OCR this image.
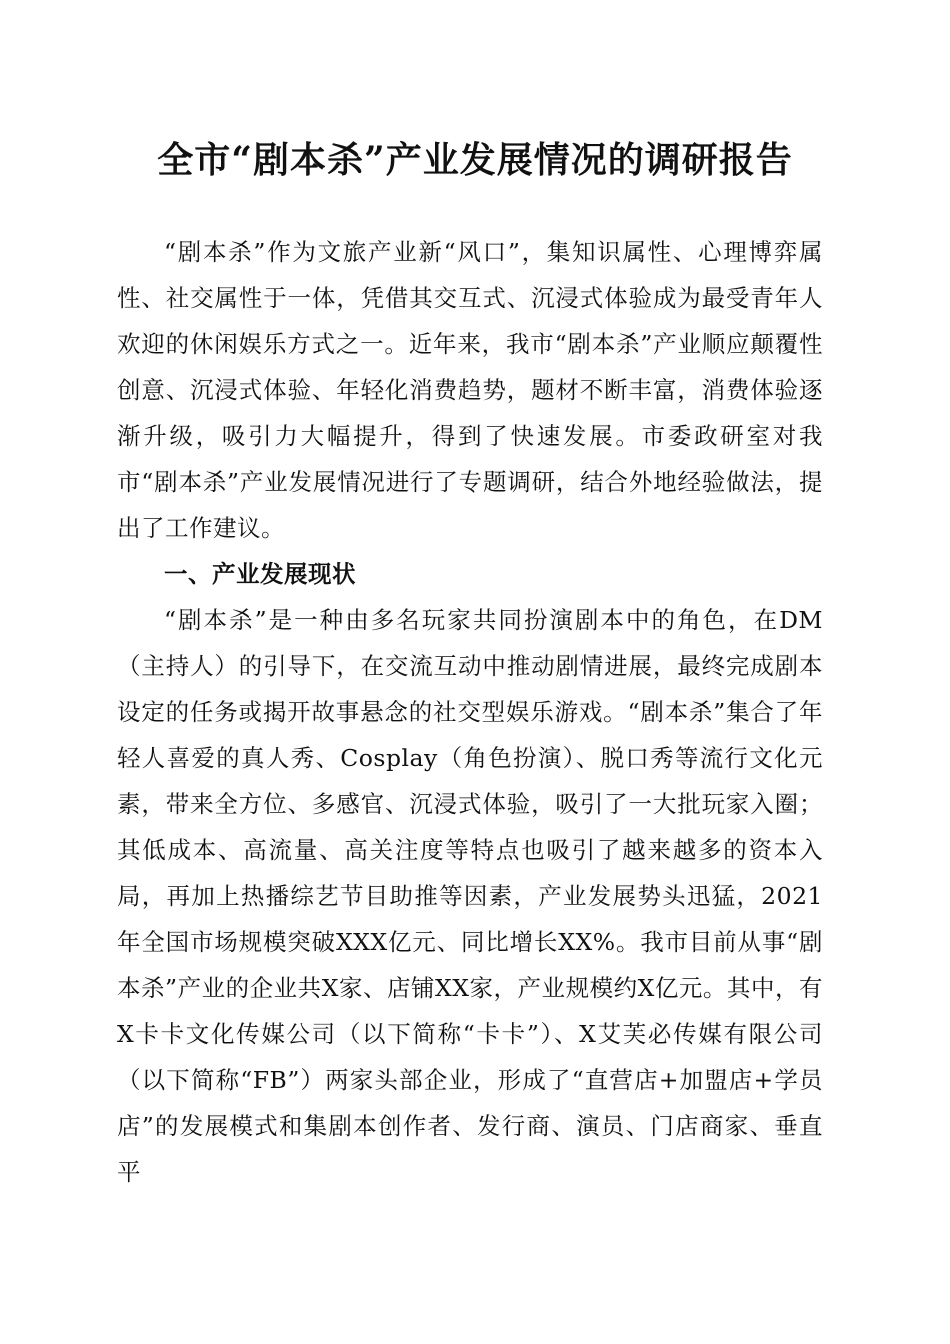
全市“剧本杀”产业发展情况的调研报告

“剧本杀”作为文旅产业新“风口”，集知识属性、心理博弈属性、社交属性于一体，凭借其交互式、沉浸式体验成为最受青年人欢迎的休闲娱乐方式之一。近年来，我市“剧本杀”产业顺应颠覆性创意、沉浸式体验、年轻化消费趋势，题材不断丰富，消费体验逐渐升级，吸引力大幅提升，得到了快速发展。市委政研室对我市“剧本杀”产业发展情况进行了专题调研，结合外地经验做法，提出了工作建议。

一、产业发展现状

“剧本杀”是一种由多名玩家共同扮演剧本中的角色，在DM（主持人）的引导下，在交流互动中推动剧情进展，最终完成剧本设定的任务或揭开故事悬念的社交型娱乐游戏。“剧本杀”集合了年轻人喜爱的真人秀、Cosplay（角色扮演）、脱口秀等流行文化元素，带来全方位、多感官、沉浸式体验，吸引了一大批玩家入圈；其低成本、高流量、高关注度等特点也吸引了越来越多的资本入局，再加上热播综艺节目助推等因素，产业发展势头迅猛，2021年全国市场规模突破XXX亿元、同比增长XX%。我市目前从事“剧本杀”产业的企业共X家、店铺XX家，产业规模约X亿元。其中，有X卡卡文化传媒公司（以下简称“卡卡”）、X艾芙必传媒有限公司（以下简称“FB”）两家头部企业，形成了“直营店+加盟店+学员店”的发展模式和集剧本创作者、发行商、演员、门店商家、垂直平
